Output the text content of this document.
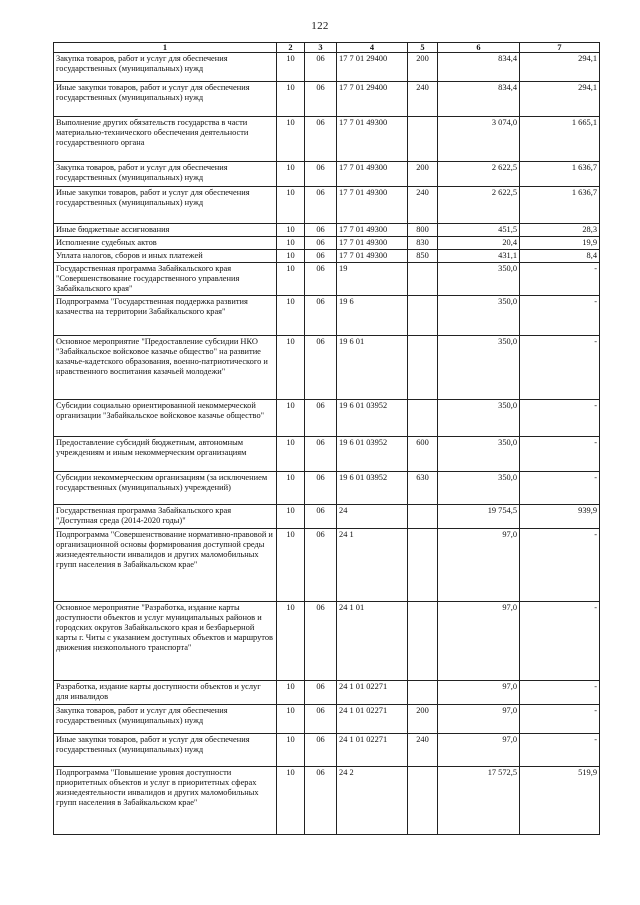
122
1	2	3	4	5	6	7
Закупка товаров, работ и услуг для обеспечения государственных (муниципальных) нужд	10	06	17 7 01 29400	200	834,4	294,1
Иные закупки товаров, работ и услуг для обеспечения государственных (муниципальных) нужд	10	06	17 7 01 29400	240	834,4	294,1
Выполнение других обязательств государства в части материально-технического обеспечения деятельности государственного органа	10	06	17 7 01 49300		3 074,0	1 665,1
Закупка товаров, работ и услуг для обеспечения государственных (муниципальных) нужд	10	06	17 7 01 49300	200	2 622,5	1 636,7
Иные закупки товаров, работ и услуг для обеспечения государственных (муниципальных) нужд	10	06	17 7 01 49300	240	2 622,5	1 636,7
Иные бюджетные ассигнования	10	06	17 7 01 49300	800	451,5	28,3
Исполнение судебных актов	10	06	17 7 01 49300	830	20,4	19,9
Уплата налогов, сборов и иных платежей	10	06	17 7 01 49300	850	431,1	8,4
Государственная программа Забайкальского края "Совершенствование государственного управления Забайкальского края"	10	06	19		350,0	-
Подпрограмма "Государственная поддержка развития казачества на территории Забайкальского края"	10	06	19 6		350,0	-
Основное мероприятие "Предоставление субсидии НКО "Забайкальское войсковое казачье общество" на развитие казачье-кадетского образования, военно-патриотического и нравственного воспитания казачьей молодежи"	10	06	19 6 01		350,0	-
Субсидии социально ориентированной некоммерческой организации "Забайкальское войсковое казачье общество"	10	06	19 6 01 03952		350,0	-
Предоставление субсидий бюджетным, автономным учреждениям и иным некоммерческим организациям	10	06	19 6 01 03952	600	350,0	-
Субсидии некоммерческим организациям (за исключением государственных (муниципальных) учреждений)	10	06	19 6 01 03952	630	350,0	-
Государственная программа Забайкальского края "Доступная среда (2014-2020 годы)"	10	06	24		19 754,5	939,9
Подпрограмма "Совершенствование нормативно-правовой и организационной основы формирования доступной среды жизнедеятельности инвалидов и других маломобильных групп населения в Забайкальском крае"	10	06	24 1		97,0	-
Основное мероприятие "Разработка, издание карты доступности объектов и услуг муниципальных районов и городских округов Забайкальского края и безбарьерной карты г. Читы с указанием доступных объектов и маршрутов движения низкопольного транспорта"	10	06	24 1 01		97,0	-
Разработка, издание карты доступности объектов и услуг для инвалидов	10	06	24 1 01 02271		97,0	-
Закупка товаров, работ и услуг для обеспечения государственных (муниципальных) нужд	10	06	24 1 01 02271	200	97,0	-
Иные закупки товаров, работ и услуг для обеспечения государственных (муниципальных) нужд	10	06	24 1 01 02271	240	97,0	-
Подпрограмма "Повышение уровня доступности приоритетных объектов и услуг в приоритетных сферах жизнедеятельности инвалидов и других маломобильных групп населения в Забайкальском крае"	10	06	24 2		17 572,5	519,9
